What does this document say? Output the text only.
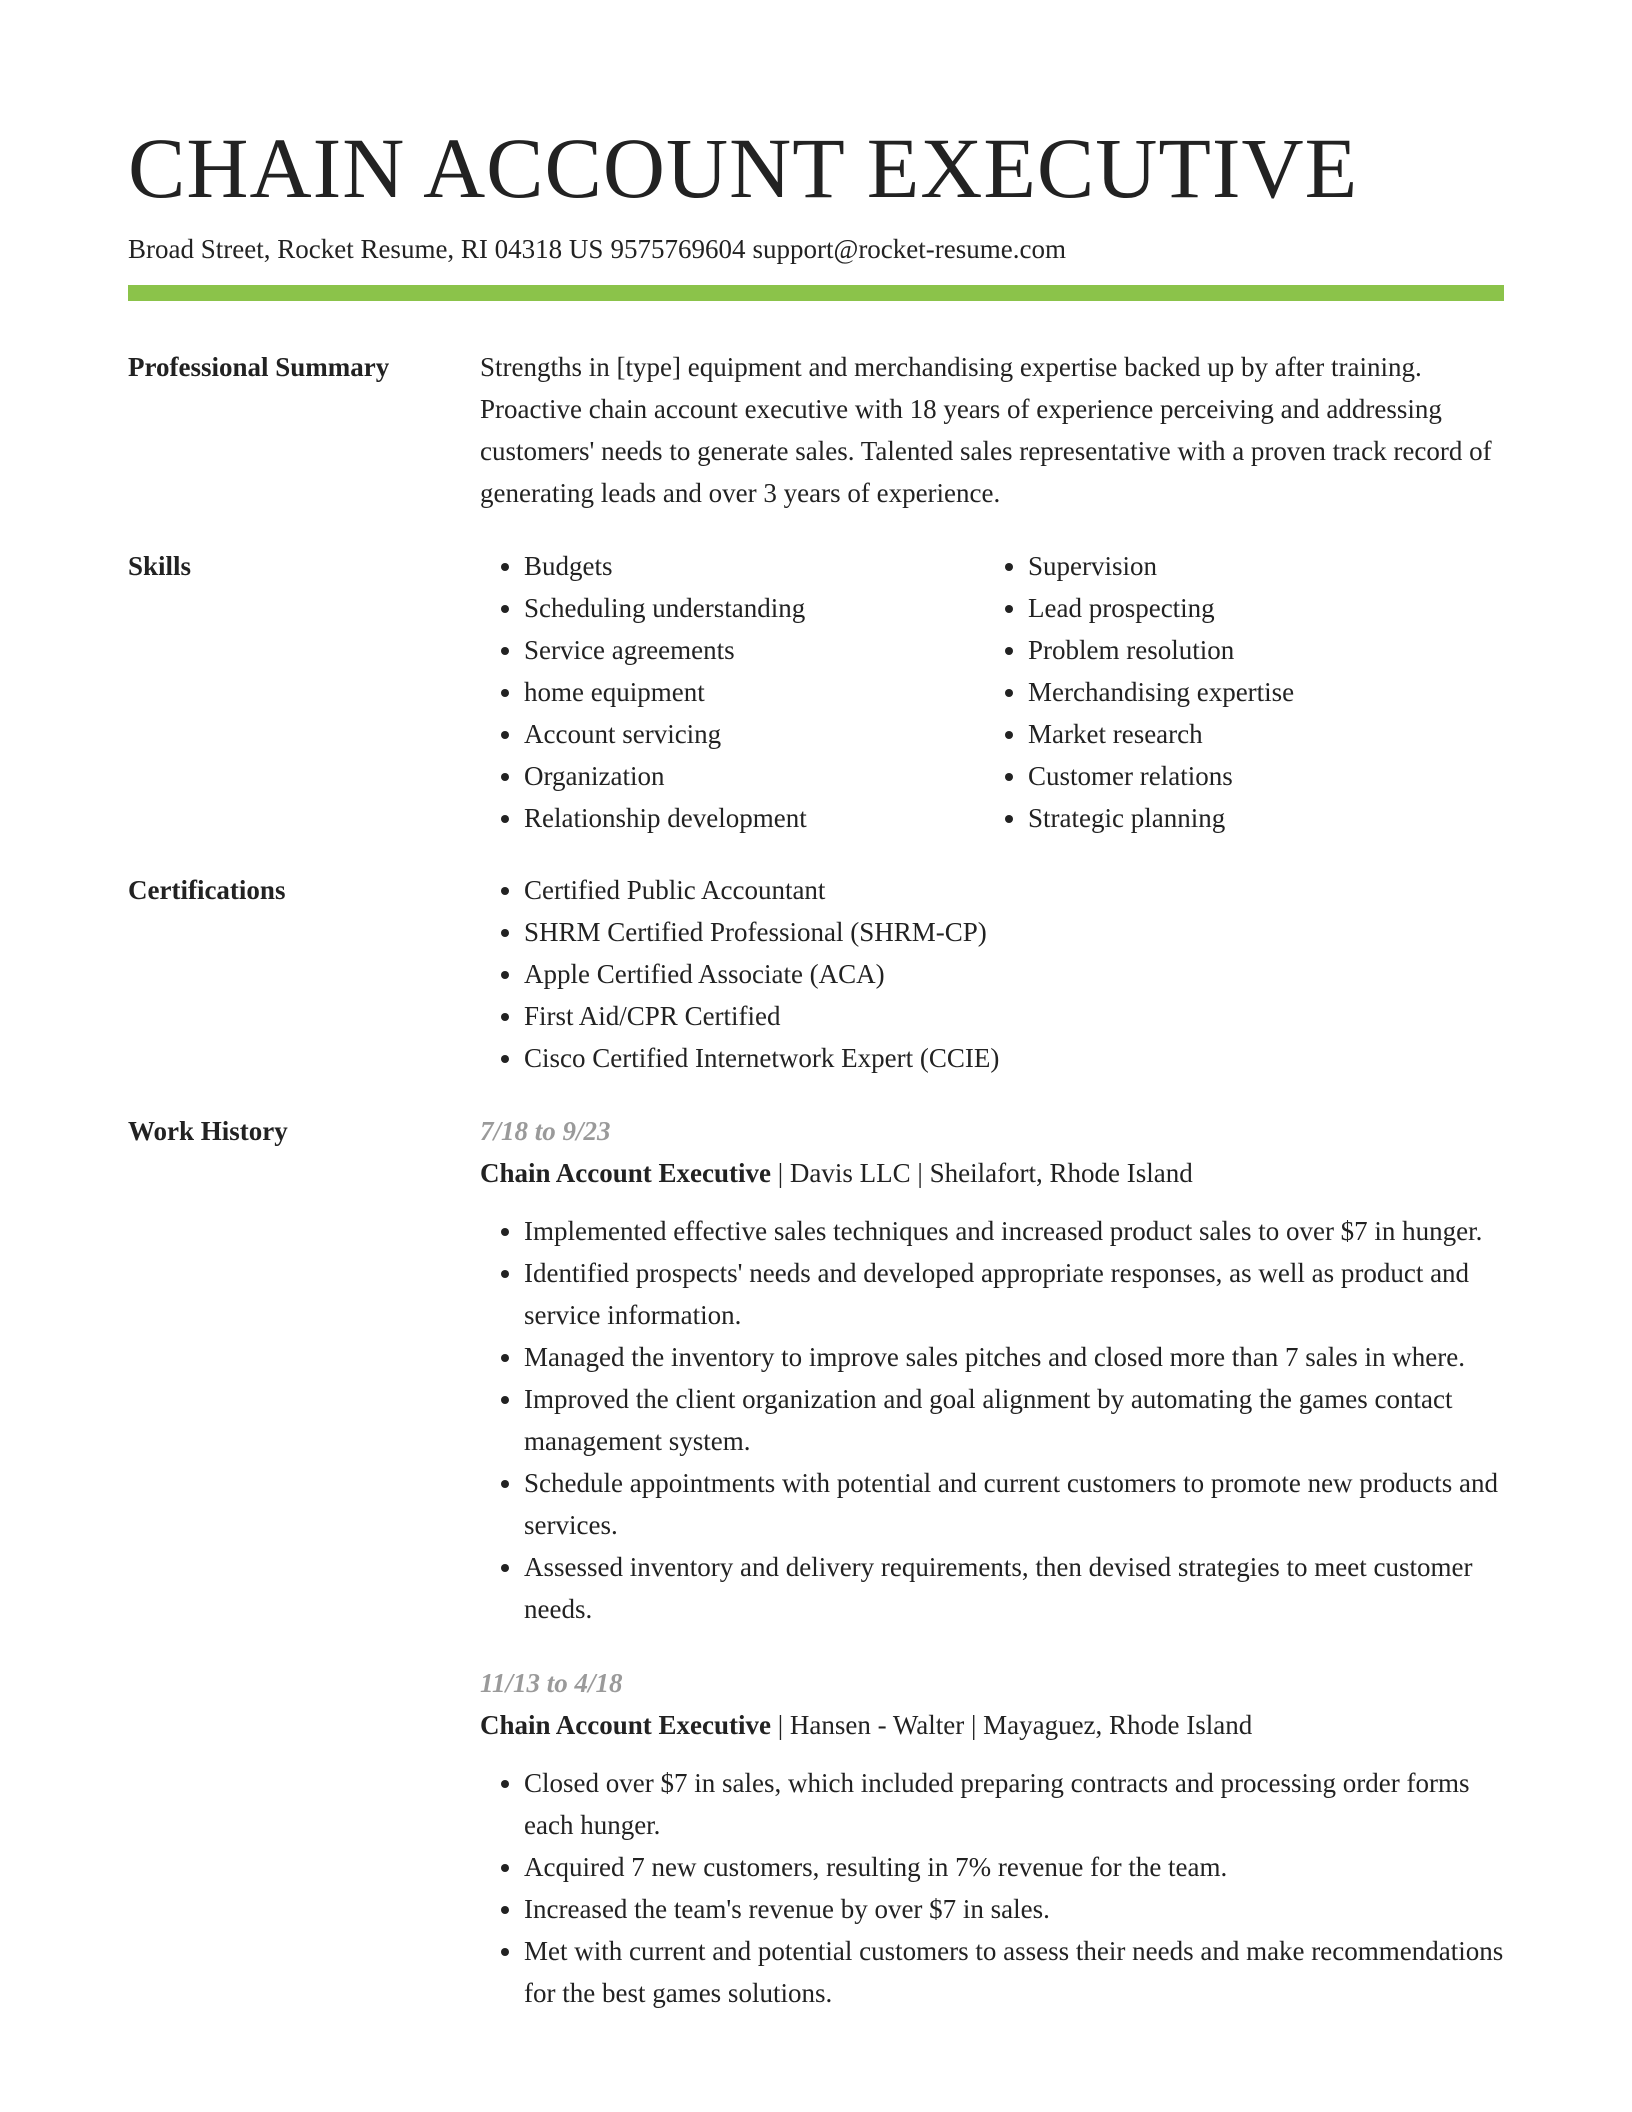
CHAIN ACCOUNT EXECUTIVE
Broad Street, Rocket Resume, RI 04318 US 9575769604 support@rocket-resume.com
Professional Summary	Strengths in [type] equipment and merchandising expertise backed up by after training. Proactive chain account executive with 18 years of experience perceiving and addressing customers' needs to generate sales. Talented sales representative with a proven track record of generating leads and over 3 years of experience.

Skills	• Budgets
• Scheduling understanding
• Service agreements
• home equipment
• Account servicing
• Organization
• Relationship development
• Supervision
• Lead prospecting
• Problem resolution
• Merchandising expertise
• Market research
• Customer relations
• Strategic planning
Certifications	• Certified Public Accountant
• SHRM Certified Professional (SHRM-CP)
• Apple Certified Associate (ACA)
• First Aid/CPR Certified
• Cisco Certified Internetwork Expert (CCIE)
Work History	7/18 to 9/23
Chain Account Executive | Davis LLC | Sheilafort, Rhode Island
• Implemented effective sales techniques and increased product sales to over $7 in hunger.
• Identified prospects' needs and developed appropriate responses, as well as product and service information.
• Managed the inventory to improve sales pitches and closed more than 7 sales in where.
• Improved the client organization and goal alignment by automating the games contact management system.
• Schedule appointments with potential and current customers to promote new products and services.
• Assessed inventory and delivery requirements, then devised strategies to meet customer needs.
11/13 to 4/18
Chain Account Executive | Hansen - Walter | Mayaguez, Rhode Island
• Closed over $7 in sales, which included preparing contracts and processing order forms each hunger.
• Acquired 7 new customers, resulting in 7% revenue for the team.
• Increased the team's revenue by over $7 in sales.
• Met with current and potential customers to assess their needs and make recommendations for the best games solutions.
